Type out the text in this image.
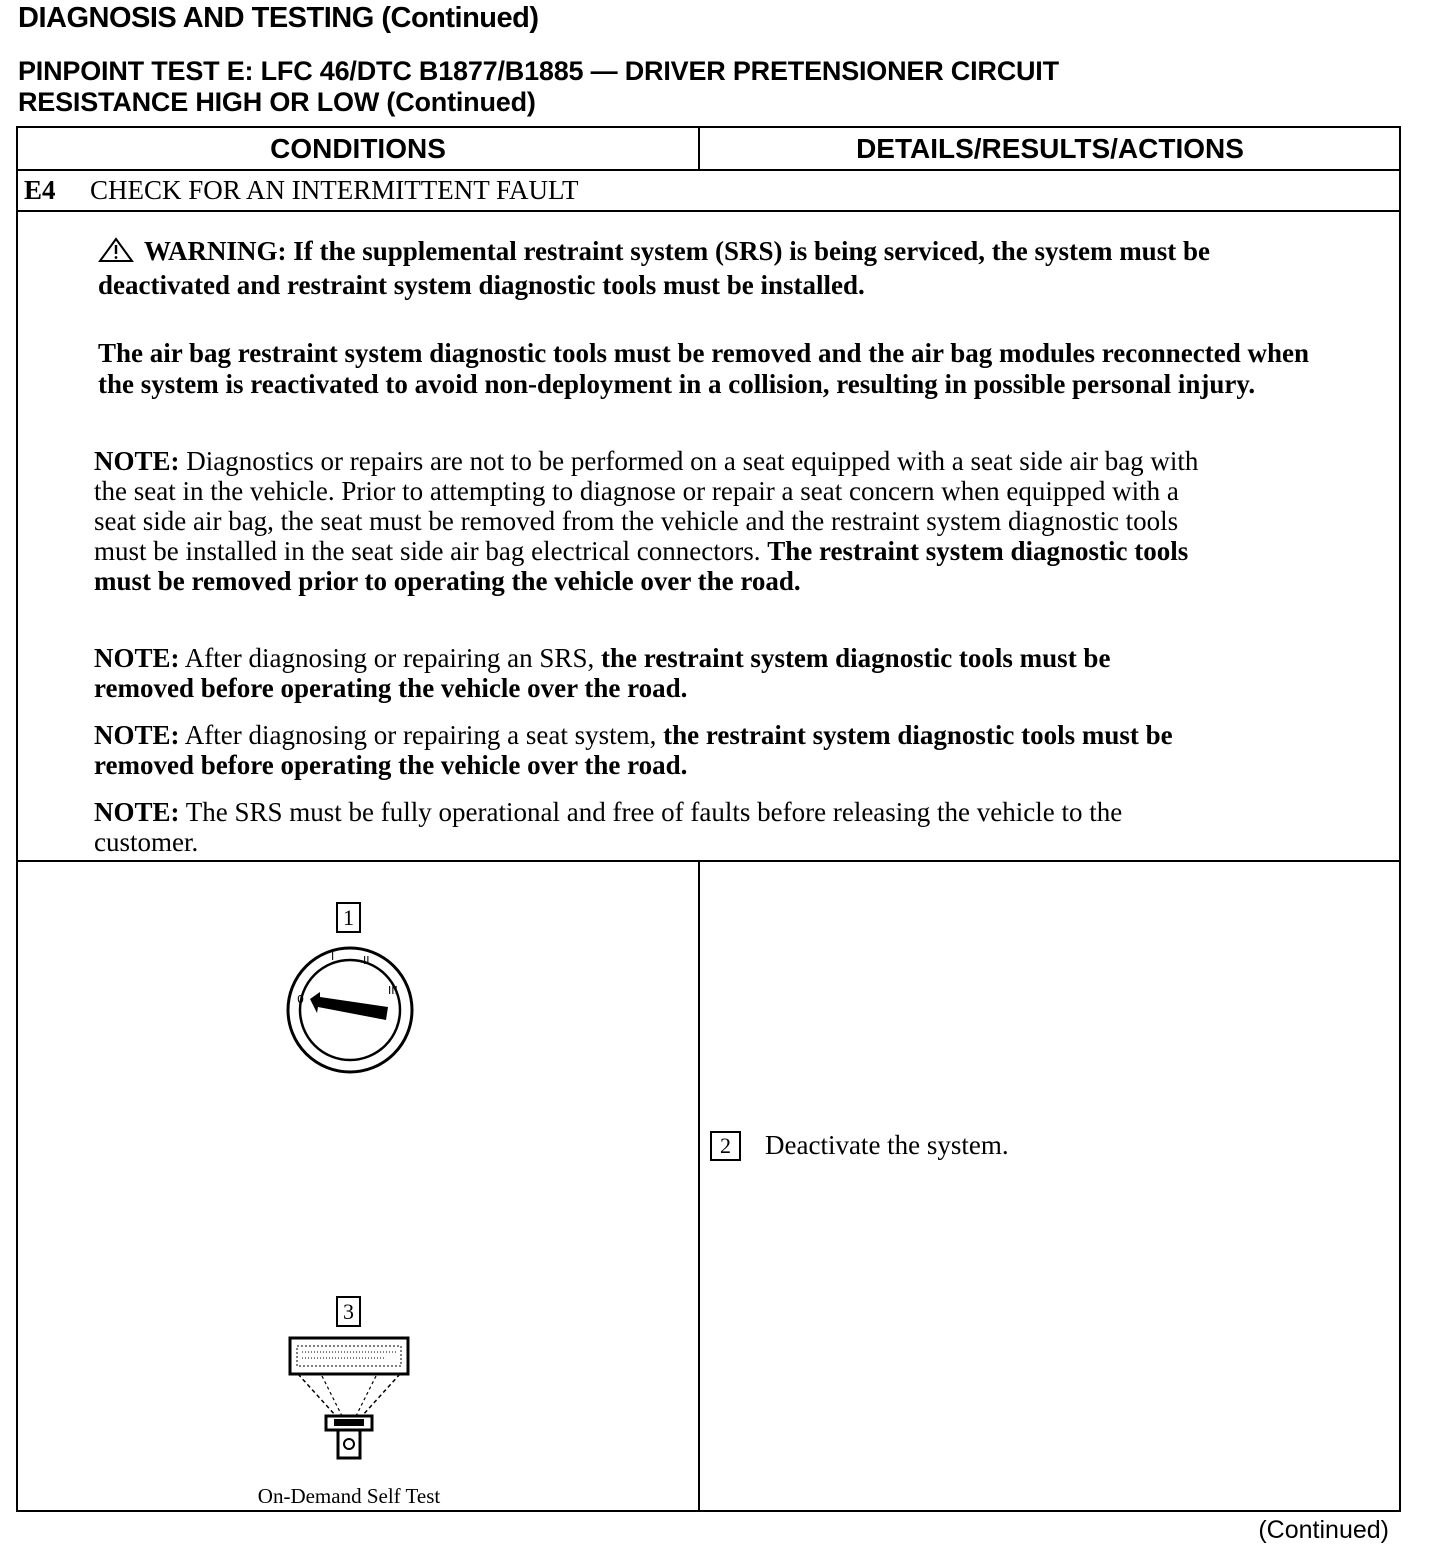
DIAGNOSIS AND TESTING (Continued)
PINPOINT TEST E: LFC 46/DTC B1877/B1885 — DRIVER PRETENSIONER CIRCUIT
RESISTANCE HIGH OR LOW (Continued)
CONDITIONS	DETAILS/RESULTS/ACTIONS
E4 CHECK FOR AN INTERMITTENT FAULT
WARNING: If the supplemental restraint system (SRS) is being serviced, the system must be deactivated and restraint system diagnostic tools must be installed.
The air bag restraint system diagnostic tools must be removed and the air bag modules reconnected when the system is reactivated to avoid non-deployment in a collision, resulting in possible personal injury.
NOTE: Diagnostics or repairs are not to be performed on a seat equipped with a seat side air bag with the seat in the vehicle. Prior to attempting to diagnose or repair a seat concern when equipped with a seat side air bag, the seat must be removed from the vehicle and the restraint system diagnostic tools must be installed in the seat side air bag electrical connectors. The restraint system diagnostic tools must be removed prior to operating the vehicle over the road.
NOTE: After diagnosing or repairing an SRS, the restraint system diagnostic tools must be removed before operating the vehicle over the road.
NOTE: After diagnosing or repairing a seat system, the restraint system diagnostic tools must be removed before operating the vehicle over the road.
NOTE: The SRS must be fully operational and free of faults before releasing the vehicle to the customer.
1
0
I	II
III
3
On-Demand Self Test
2 Deactivate the system.
(Continued)
